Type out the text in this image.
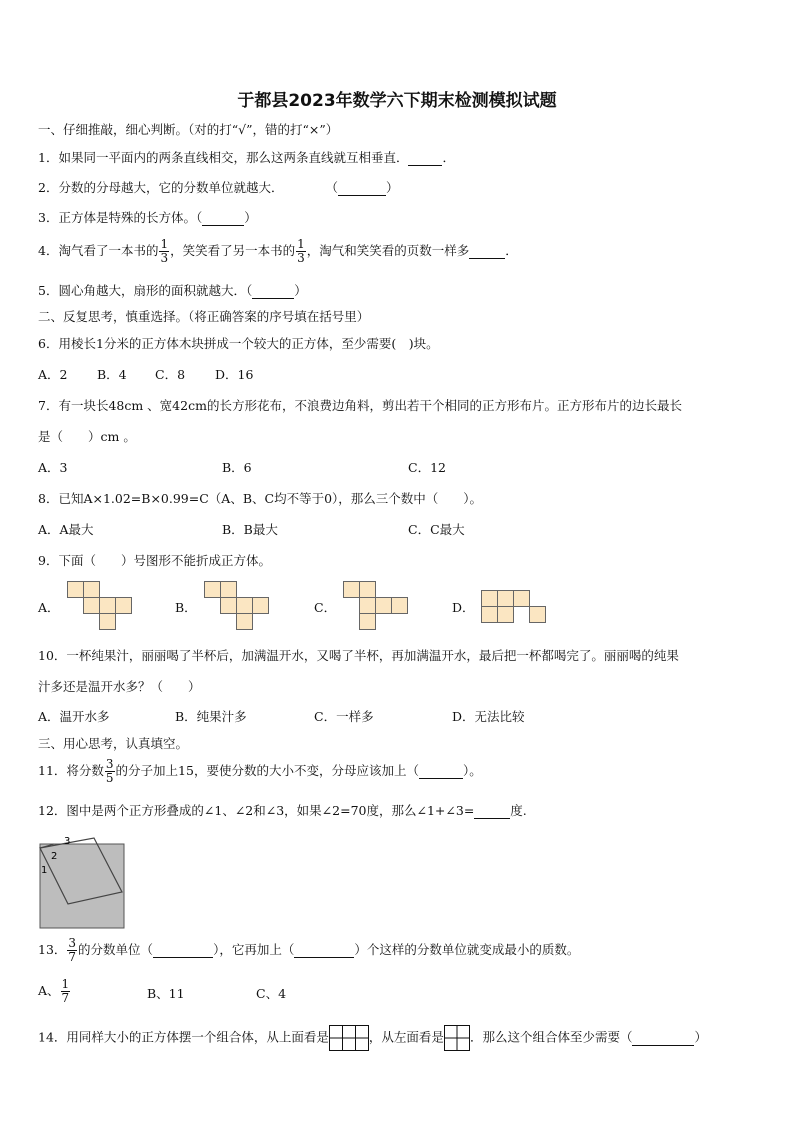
于都县2023年数学六下期末检测模拟试题
一、仔细推敲，细心判断。（对的打“√”，错的打“×”）
1．如果同一平面内的两条直线相交，那么这两条直线就互相垂直．	．
2．分数的分母越大，它的分数单位就越大．	（	）
3．正方体是特殊的长方体。（	）
4．淘气看了一本书的 $\frac{1}{3}$ ，笑笑看了另一本书的 $\frac{1}{3}$ ，淘气和笑笑看的页数一样多	．
5．圆心角越大，扇形的面积就越大．（	）
二、反复思考，慎重选择。（将正确答案的序号填在括号里）
6．用棱长1分米的正方体木块拼成一个较大的正方体，至少需要(　)块。
A．2 B．4 C．8 D．16
7．有一块长48cm 、宽42cm的长方形花布，不浪费边角料，剪出若干个相同的正方形布片。正方形布片的边长最长
是（　　）cm 。
A．3	B．6	C．12
8．已知A×1.02=B×0.99=C（A、B、C均不等于0），那么三个数中（　　）。
A．A最大	B．B最大	C．C最大
9．下面（　　）号图形不能折成正方体。
A．	B．	C．	D．
10．一杯纯果汁，丽丽喝了半杯后，加满温开水，又喝了半杯，再加满温开水，最后把一杯都喝完了。丽丽喝的纯果
汁多还是温开水多？（　　）
A．温开水多	B．纯果汁多	C．一样多	D．无法比较
三、用心思考，认真填空。
11．将分数 $\frac{3}{5}$ 的分子加上15，要使分数的大小不变，分母应该加上（	）。
12．图中是两个正方形叠成的∠1、∠2和∠3，如果∠2=70度，那么∠1+∠3=	度.
3
2
1
13． $\frac{3}{7}$ 的分数单位（	），它再加上（	）个这样的分数单位就变成最小的质数。
A、 $\frac{1}{7}$	B、11	C、4
14．用同样大小的正方体摆一个组合体，从上面看是	，从左面看是 ．那么这个组合体至少需要（	）
